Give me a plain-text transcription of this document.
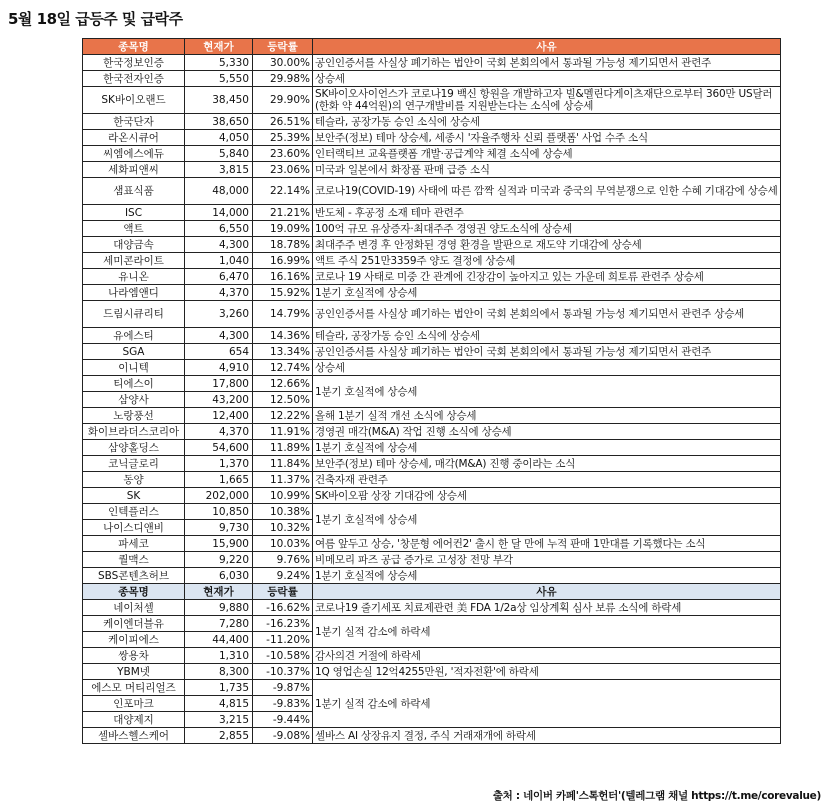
5월 18일 급등주 및 급락주
종목명	현재가	등락률	사유
한국정보인증	5,330	30.00%	공인인증서를 사실상 폐기하는 법안이 국회 본회의에서 통과될 가능성 제기되면서 관련주
한국전자인증	5,550	29.98%	상승세
SK바이오랜드	38,450	29.90%	SK바이오사이언스가 코로나19 백신 항원을 개발하고자 빌&멜린다게이츠재단으로부터 360만 US달러(한화 약 44억원)의 연구개발비를 지원받는다는 소식에 상승세
한국단자	38,650	26.51%	테슬라, 공장가동 승인 소식에 상승세
라온시큐어	4,050	25.39%	보안주(정보) 테마 상승세, 세종시 '자율주행차 신뢰 플랫폼' 사업 수주 소식
씨엠에스에듀	5,840	23.60%	인터랙티브 교육플랫폼 개발·공급계약 체결 소식에 상승세
세화피앤씨	3,815	23.06%	미국과 일본에서 화장품 판매 급증 소식
샘표식품	48,000	22.14%	코로나19(COVID-19) 사태에 따른 깜짝 실적과 미국과 중국의 무역분쟁으로 인한 수혜 기대감에 상승세
ISC	14,000	21.21%	반도체 - 후공정 소재 테마 관련주
액트	6,550	19.09%	100억 규모 유상증자·최대주주 경영권 양도소식에 상승세
대양금속	4,300	18.78%	최대주주 변경 후 안정화된 경영 환경을 발판으로 재도약 기대감에 상승세
세미콘라이트	1,040	16.99%	액트 주식 251만3359주 양도 결정에 상승세
유니온	6,470	16.16%	코로나 19 사태로 미중 간 관계에 긴장감이 높아지고 있는 가운데 희토류 관련주 상승세
나라엠앤디	4,370	15.92%	1분기 호실적에 상승세
드림시큐리티	3,260	14.79%	공인인증서를 사실상 폐기하는 법안이 국회 본회의에서 통과될 가능성 제기되면서 관련주 상승세
유에스티	4,300	14.36%	테슬라, 공장가동 승인 소식에 상승세
SGA	654	13.34%	공인인증서를 사실상 폐기하는 법안이 국회 본회의에서 통과될 가능성 제기되면서 관련주
이니텍	4,910	12.74%	상승세
티에스이	17,800	12.66%	1분기 호실적에 상승세
삼양사	43,200	12.50%	
노랑풍선	12,400	12.22%	올해 1분기 실적 개선 소식에 상승세
화이브라더스코리아	4,370	11.91%	경영권 매각(M&A) 작업 진행 소식에 상승세
삼양홀딩스	54,600	11.89%	1분기 호실적에 상승세
코닉글로리	1,370	11.84%	보안주(정보) 테마 상승세, 매각(M&A) 진행 중이라는 소식
동양	1,665	11.37%	건축자재 관련주
SK	202,000	10.99%	SK바이오팜 상장 기대감에 상승세
인텍플러스	10,850	10.38%	1분기 호실적에 상승세
나이스디앤비	9,730	10.32%	
파세코	15,900	10.03%	여름 앞두고 상승, '창문형 에어컨2' 출시 한 달 만에 누적 판매 1만대를 기록했다는 소식
퀄맥스	9,220	9.76%	비메모리 파즈 공급 증가로 고성장 전망 부각
SBS콘텐츠허브	6,030	9.24%	1분기 호실적에 상승세
종목명	현재가	등락률	사유
네이처셀	9,880	-16.62%	코로나19 줄기세포 치료제관련 美 FDA 1/2a상 임상계획 심사 보류 소식에 하락세
케이엔더블유	7,280	-16.23%	1분기 실적 감소에 하락세
케이피에스	44,400	-11.20%	
쌍용차	1,310	-10.58%	감사의견 거절에 하락세
YBM넷	8,300	-10.37%	1Q 영업손실 12억4255만원, '적자전환'에 하락세
에스모 머티리얼즈	1,735	-9.87%	1분기 실적 감소에 하락세
인포마크	4,815	-9.83%	
대양제지	3,215	-9.44%	
셀바스헬스케어	2,855	-9.08%	셀바스 AI 상장유지 결정, 주식 거래재개에 하락세
출처 : 네이버 카페'스톡헌터'(텔레그램 채널 https://t.me/corevalue)
